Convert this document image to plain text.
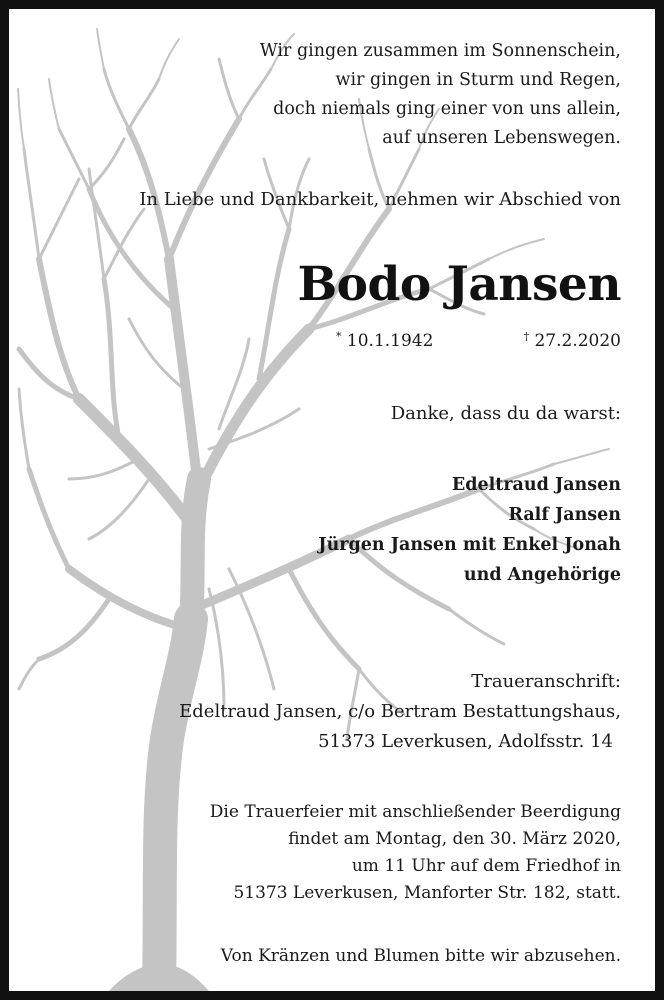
Wir gingen zusammen im Sonnenschein,
wir gingen in Sturm und Regen,
doch niemals ging einer von uns allein,
auf unseren Lebenswegen.
In Liebe und Dankbarkeit, nehmen wir Abschied von
Bodo Jansen
* 10.1.1942	† 27.2.2020
Danke, dass du da warst:
Edeltraud Jansen
Ralf Jansen
Jürgen Jansen mit Enkel Jonah
und Angehörige
Traueranschrift:
Edeltraud Jansen, c/o Bertram Bestattungshaus,
51373 Leverkusen, Adolfsstr. 14
Die Trauerfeier mit anschließender Beerdigung
findet am Montag, den 30. März 2020,
um 11 Uhr auf dem Friedhof in
51373 Leverkusen, Manforter Str. 182, statt.
Von Kränzen und Blumen bitte wir abzusehen.
